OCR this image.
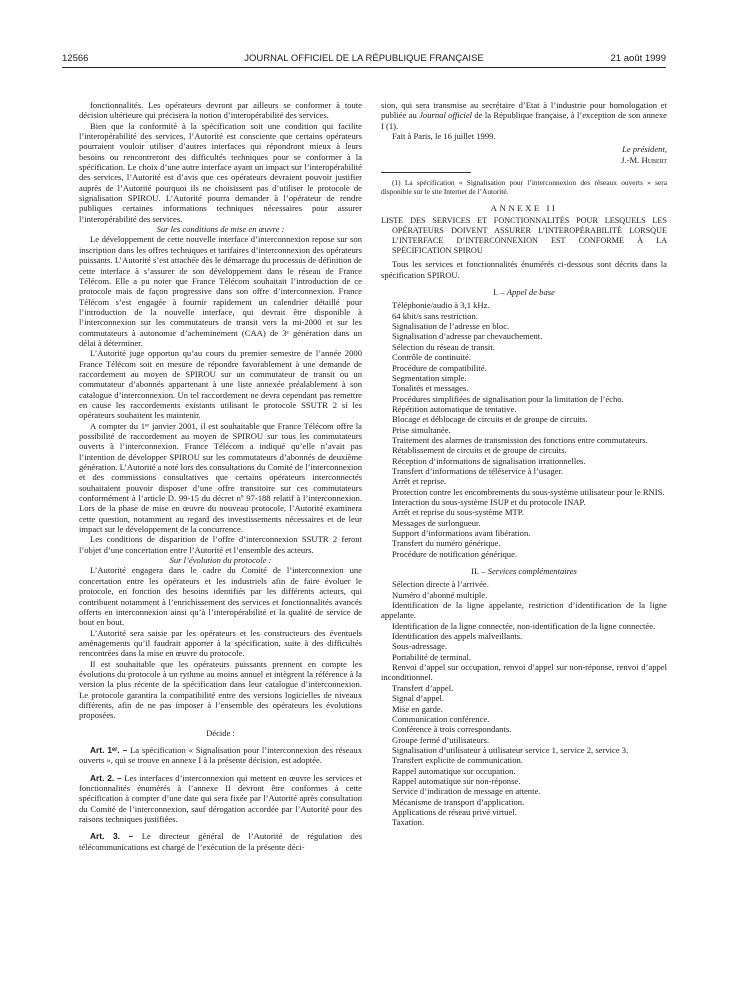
12566	JOURNAL OFFICIEL DE LA RÉPUBLIQUE FRANÇAISE	21 août 1999

fonctionnalités. Les opérateurs devront par ailleurs se conformer à toute décision ultérieure qui précisera la notion d’interopérabilité des services.

Bien que la conformité à la spécification soit une condition qui facilite l’interopérabilité des services, l’Autorité est consciente que certains opérateurs pourraient vouloir utiliser d’autres interfaces qui répondront mieux à leurs besoins ou rencontreront des difficultés techniques pour se conformer à la spécification. Le choix d’une autre interface ayant un impact sur l’interopérabilité des services, l’Autorité est d’avis que ces opérateurs devraient pouvoir justifier auprès de l’Autorité pourquoi ils ne choisissent pas d’utiliser le protocole de signalisation SPIROU. L’Autorité pourra demander à l’opérateur de rendre publiques certaines informations techniques nécessaires pour assurer l’interopérabilité des services.

Sur les conditions de mise en œuvre :

Le développement de cette nouvelle interface d’interconnexion repose sur son inscription dans les offres techniques et tarifaires d’interconnexion des opérateurs puissants. L’Autorité s’est attachée dès le démarrage du processus de définition de cette interface à s’assurer de son développement dans le réseau de France Télécom. Elle a pu noter que France Télécom souhaitait l’introduction de ce protocole mais de façon progressive dans son offre d’interconnexion. France Télécom s’est engagée à fournir rapidement un calendrier détaillé pour l’introduction de la nouvelle interface, qui devrait être disponible à l’interconnexion sur les commutateurs de transit vers la mi-2000 et sur les commutateurs à autonomie d’acheminement (CAA) de 3ᵉ génération dans un délai à déterminer.

L’Autorité juge opportun qu’au cours du premier semestre de l’année 2000 France Télécom soit en mesure de répondre favorablement à une demande de raccordement au moyen de SPIROU sur un commutateur de transit ou un commutateur d’abonnés appartenant à une liste annexée préalablement à son catalogue d’interconnexion. Un tel raccordement ne devra cependant pas remettre en cause les raccordements existants utilisant le protocole SSUTR 2 si les opérateurs souhaitent les maintenir.

A compter du 1ᵉʳ janvier 2001, il est souhaitable que France Télécom offre la possibilité de raccordement au moyen de SPIROU sur tous les commutateurs ouverts à l’interconnexion. France Télécom a indiqué qu’elle n’avait pas l’intention de développer SPIROU sur les commutateurs d’abonnés de deuxième génération. L’Autorité a noté lors des consultations du Comité de l’interconnexion et des commissions consultatives que certains opérateurs interconnectés souhaitaient pouvoir disposer d’une offre transitoire sur ces commutateurs conformément à l’article D. 99-15 du décret nº 97-188 relatif à l’interconnexion. Lors de la phase de mise en œuvre du nouveau protocole, l’Autorité examinera cette question, notamment au regard des investissements nécessaires et de leur impact sur le développement de la concurrence.

Les conditions de disparition de l’offre d’interconnexion SSUTR 2 feront l’objet d’une concertation entre l’Autorité et l’ensemble des acteurs.

Sur l’évolution du protocole :

L’Autorité engagera dans le cadre du Comité de l’interconnexion une concertation entre les opérateurs et les industriels afin de faire évoluer le protocole, en fonction des besoins identifiés par les différents acteurs, qui contribuent notamment à l’enrichissement des services et fonctionnalités avancés offerts en interconnexion ainsi qu’à l’interopérabilité et la qualité de service de bout en bout.

L’Autorité sera saisie par les opérateurs et les constructeurs des éventuels aménagements qu’il faudrait apporter à la spécification, suite à des difficultés rencontrées dans la mise en œuvre du protocole.

Il est souhaitable que les opérateurs puissants prennent en compte les évolutions du protocole à un rythme au moins annuel et intègrent la référence à la version la plus récente de la spécification dans leur catalogue d’interconnexion. Le protocole garantira la compatibilité entre des versions logicielles de niveaux différents, afin de ne pas imposer à l’ensemble des opérateurs les évolutions proposées.

Décide :

Art. 1ᵉʳ. – La spécification « Signalisation pour l’interconnexion des réseaux ouverts », qui se trouve en annexe I à la présente décision, est adoptée.

Art. 2. – Les interfaces d’interconnexion qui mettent en œuvre les services et fonctionnalités énumérés à l’annexe II devront être conformes à cette spécification à compter d’une date qui sera fixée par l’Autorité après consultation du Comité de l’interconnexion, sauf dérogation accordée par l’Autorité pour des raisons techniques justifiées.

Art. 3. – Le directeur général de l’Autorité de régulation des télécommunications est chargé de l’exécution de la présente déci-

sion, qui sera transmise au secrétaire d’Etat à l’industrie pour homologation et publiée au Journal officiel de la République française, à l’exception de son annexe I (1).

Fait à Paris, le 16 juillet 1999.

Le président,

J.-M. Hubert

(1) La spécification « Signalisation pour l’interconnexion des réseaux ouverts » sera disponible sur le site Internet de l’Autorité.

ANNEXE II

LISTE DES SERVICES ET FONCTIONNALITÉS POUR LESQUELS LES OPÉRATEURS DOIVENT ASSURER L’INTEROPÉRABILITÉ LORSQUE L’INTERFACE D’INTERCONNEXION EST CONFORME À LA SPÉCIFICATION SPIROU

Tous les services et fonctionnalités énumérés ci-dessous sont décrits dans la spécification SPIROU.

I. – Appel de base

Téléphonie/audio à 3,1 kHz.

64 kbit/s sans restriction.

Signalisation de l’adresse en bloc.

Signalisation d’adresse par chevauchement.

Sélection du réseau de transit.

Contrôle de continuité.

Procédure de compatibilité.

Segmentation simple.

Tonalités et messages.

Procédures simplifiées de signalisation pour la limitation de l’écho.

Répétition automatique de tentative.

Blocage et déblocage de circuits et de groupe de circuits.

Prise simultanée.

Traitement des alarmes de transmission des fonctions entre commutateurs.

Rétablissement de circuits et de groupe de circuits.

Réception d’informations de signalisation irrationnelles.

Transfert d’informations de téléservice à l’usager.

Arrêt et reprise.

Protection contre les encombrements du sous-système utilisateur pour le RNIS.

Interaction du sous-système ISUP et du protocole INAP.

Arrêt et reprise du sous-système MTP.

Messages de surlongueur.

Support d’informations avant libération.

Transfert du numéro générique.

Procédure de notification générique.

II. – Services complémentaires

Sélection directe à l’arrivée.

Numéro d’abonné multiple.

Identification de la ligne appelante, restriction d’identification de la ligne appelante.

Identification de la ligne connectée, non-identification de la ligne connectée.

Identification des appels malveillants.

Sous-adressage.

Portabilité de terminal.

Renvoi d’appel sur occupation, renvoi d’appel sur non-réponse, renvoi d’appel inconditionnel.

Transfert d’appel.

Signal d’appel.

Mise en garde.

Communication conférence.

Conférence à trois correspondants.

Groupe fermé d’utilisateurs.

Signalisation d’utilisateur à utilisateur service 1, service 2, service 3.

Transfert explicite de communication.

Rappel automatique sur occupation.

Rappel automatique sur non-réponse.

Service d’indication de message en attente.

Mécanisme de transport d’application.

Applications de réseau privé virtuel.

Taxation.
